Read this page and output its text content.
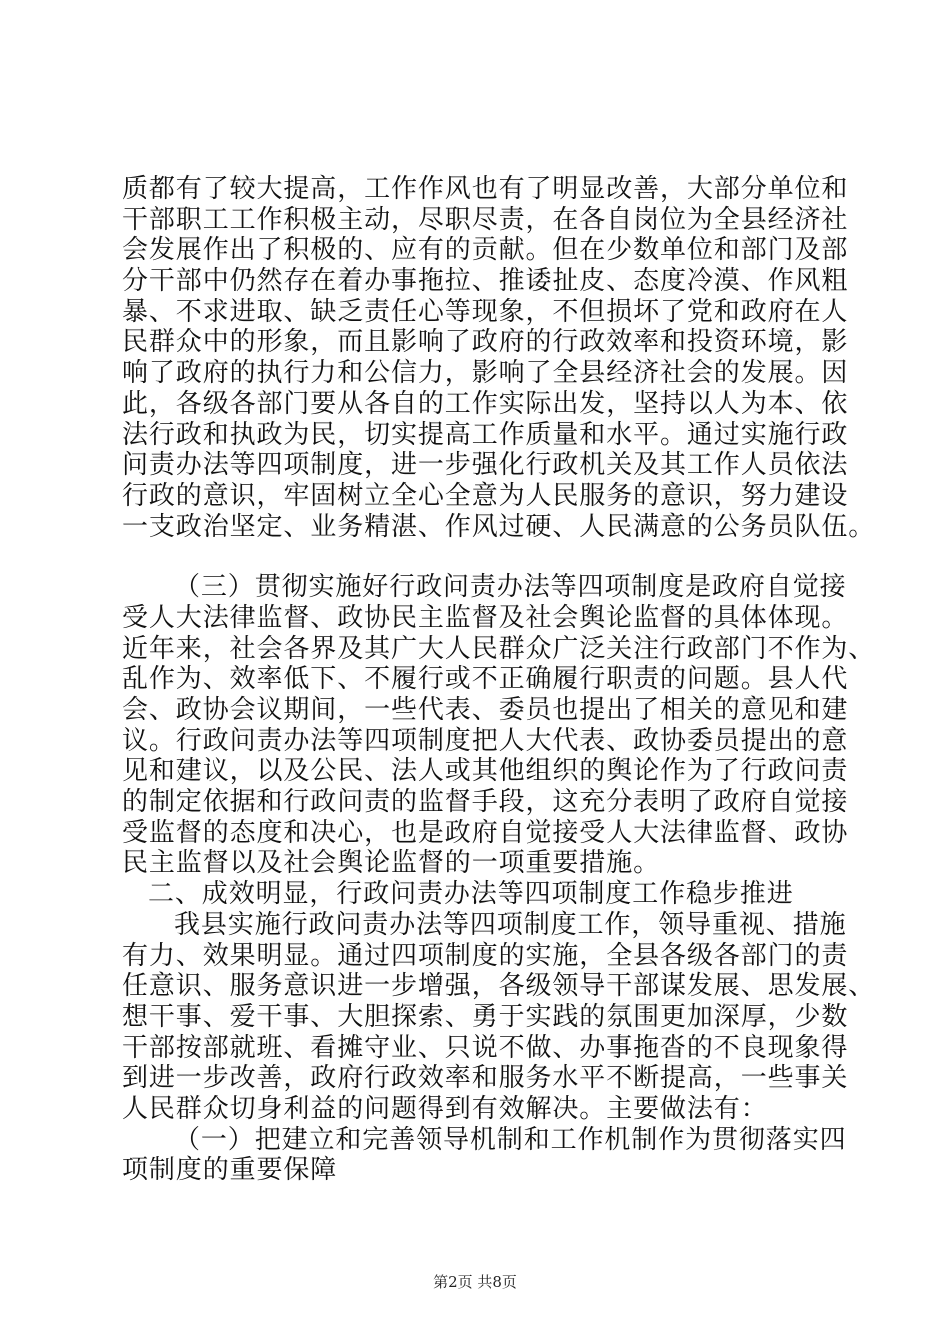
质都有了较大提高，工作作风也有了明显改善，大部分单位和
干部职工工作积极主动，尽职尽责，在各自岗位为全县经济社
会发展作出了积极的、应有的贡献。但在少数单位和部门及部
分干部中仍然存在着办事拖拉、推诿扯皮、态度冷漠、作风粗
暴、不求进取、缺乏责任心等现象，不但损坏了党和政府在人
民群众中的形象，而且影响了政府的行政效率和投资环境，影
响了政府的执行力和公信力，影响了全县经济社会的发展。因
此，各级各部门要从各自的工作实际出发，坚持以人为本、依
法行政和执政为民，切实提高工作质量和水平。通过实施行政
问责办法等四项制度，进一步强化行政机关及其工作人员依法
行政的意识，牢固树立全心全意为人民服务的意识，努力建设
一支政治坚定、业务精湛、作风过硬、人民满意的公务员队伍。
（三）贯彻实施好行政问责办法等四项制度是政府自觉接
受人大法律监督、政协民主监督及社会舆论监督的具体体现。
近年来，社会各界及其广大人民群众广泛关注行政部门不作为、
乱作为、效率低下、不履行或不正确履行职责的问题。县人代
会、政协会议期间，一些代表、委员也提出了相关的意见和建
议。行政问责办法等四项制度把人大代表、政协委员提出的意
见和建议，以及公民、法人或其他组织的舆论作为了行政问责
的制定依据和行政问责的监督手段，这充分表明了政府自觉接
受监督的态度和决心，也是政府自觉接受人大法律监督、政协
民主监督以及社会舆论监督的一项重要措施。
二、成效明显，行政问责办法等四项制度工作稳步推进
我县实施行政问责办法等四项制度工作，领导重视、措施
有力、效果明显。通过四项制度的实施，全县各级各部门的责
任意识、服务意识进一步增强，各级领导干部谋发展、思发展、
想干事、爱干事、大胆探索、勇于实践的氛围更加深厚，少数
干部按部就班、看摊守业、只说不做、办事拖沓的不良现象得
到进一步改善，政府行政效率和服务水平不断提高，一些事关
人民群众切身利益的问题得到有效解决。主要做法有：
（一）把建立和完善领导机制和工作机制作为贯彻落实四
项制度的重要保障
第2页 共8页
